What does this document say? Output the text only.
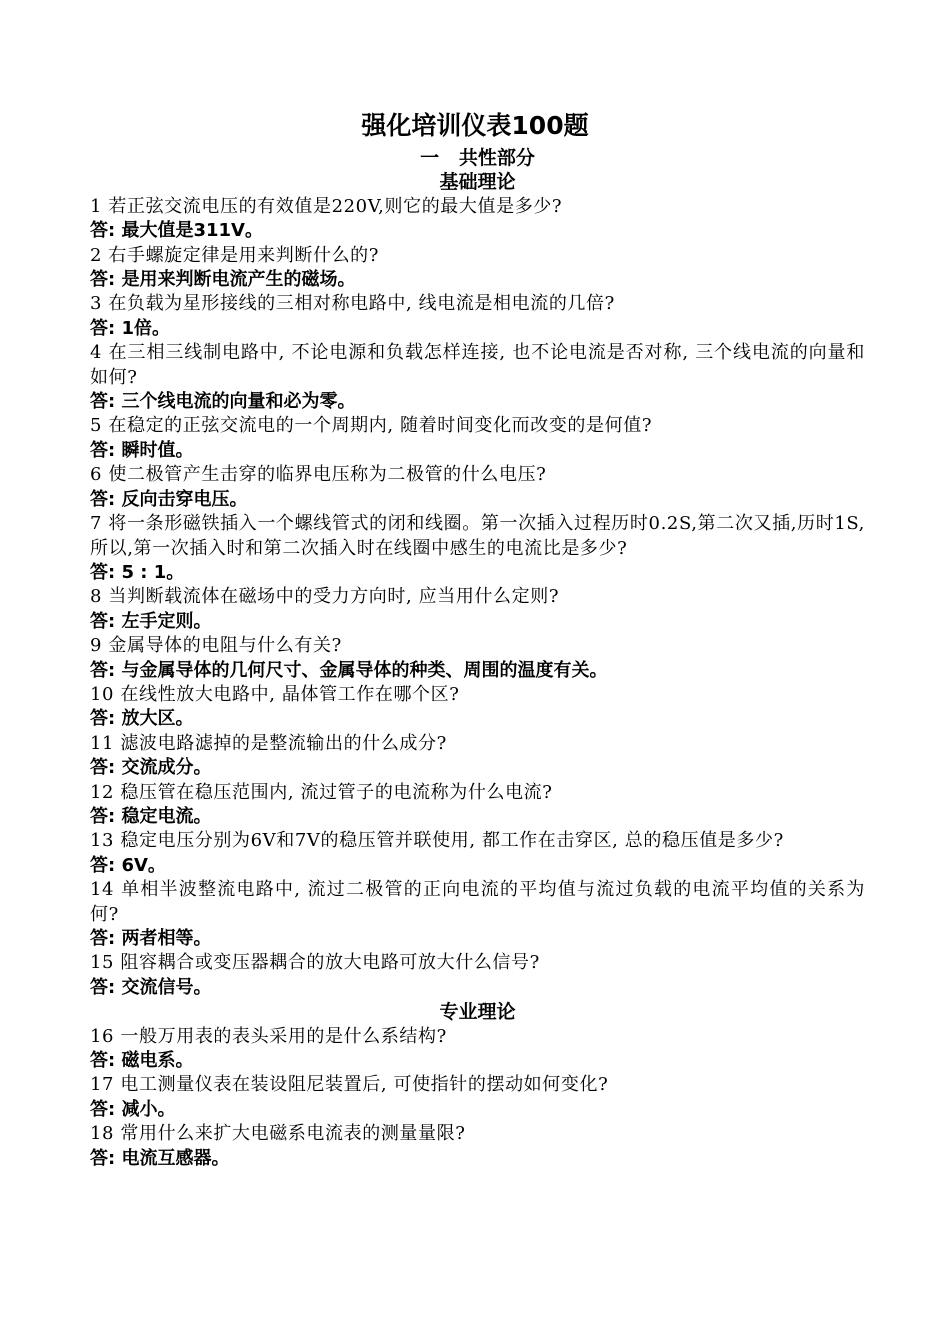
强化培训仪表100题
一   共性部分
基础理论
1 若正弦交流电压的有效值是220V,则它的最大值是多少?
答: 最大值是311V。
2 右手螺旋定律是用来判断什么的?
答: 是用来判断电流产生的磁场。
3 在负载为星形接线的三相对称电路中, 线电流是相电流的几倍?
答: 1倍。
4 在三相三线制电路中, 不论电源和负载怎样连接, 也不论电流是否对称, 三个线电流的向量和如何?
答: 三个线电流的向量和必为零。
5 在稳定的正弦交流电的一个周期内, 随着时间变化而改变的是何值?
答: 瞬时值。
6 使二极管产生击穿的临界电压称为二极管的什么电压?
答: 反向击穿电压。
7 将一条形磁铁插入一个螺线管式的闭和线圈。第一次插入过程历时0.2S,第二次又插,历时1S,所以,第一次插入时和第二次插入时在线圈中感生的电流比是多少?
答: 5 : 1。
8 当判断载流体在磁场中的受力方向时, 应当用什么定则?
答: 左手定则。
9 金属导体的电阻与什么有关?
答: 与金属导体的几何尺寸、金属导体的种类、周围的温度有关。
10 在线性放大电路中, 晶体管工作在哪个区?
答: 放大区。
11 滤波电路滤掉的是整流输出的什么成分?
答: 交流成分。
12 稳压管在稳压范围内, 流过管子的电流称为什么电流?
答: 稳定电流。
13 稳定电压分别为6V和7V的稳压管并联使用, 都工作在击穿区, 总的稳压值是多少?
答: 6V。
14 单相半波整流电路中, 流过二极管的正向电流的平均值与流过负载的电流平均值的关系为何?
答: 两者相等。
15 阻容耦合或变压器耦合的放大电路可放大什么信号?
答: 交流信号。
专业理论
16 一般万用表的表头采用的是什么系结构?
答: 磁电系。
17 电工测量仪表在装设阻尼装置后, 可使指针的摆动如何变化?
答: 减小。
18 常用什么来扩大电磁系电流表的测量量限?
答: 电流互感器。
